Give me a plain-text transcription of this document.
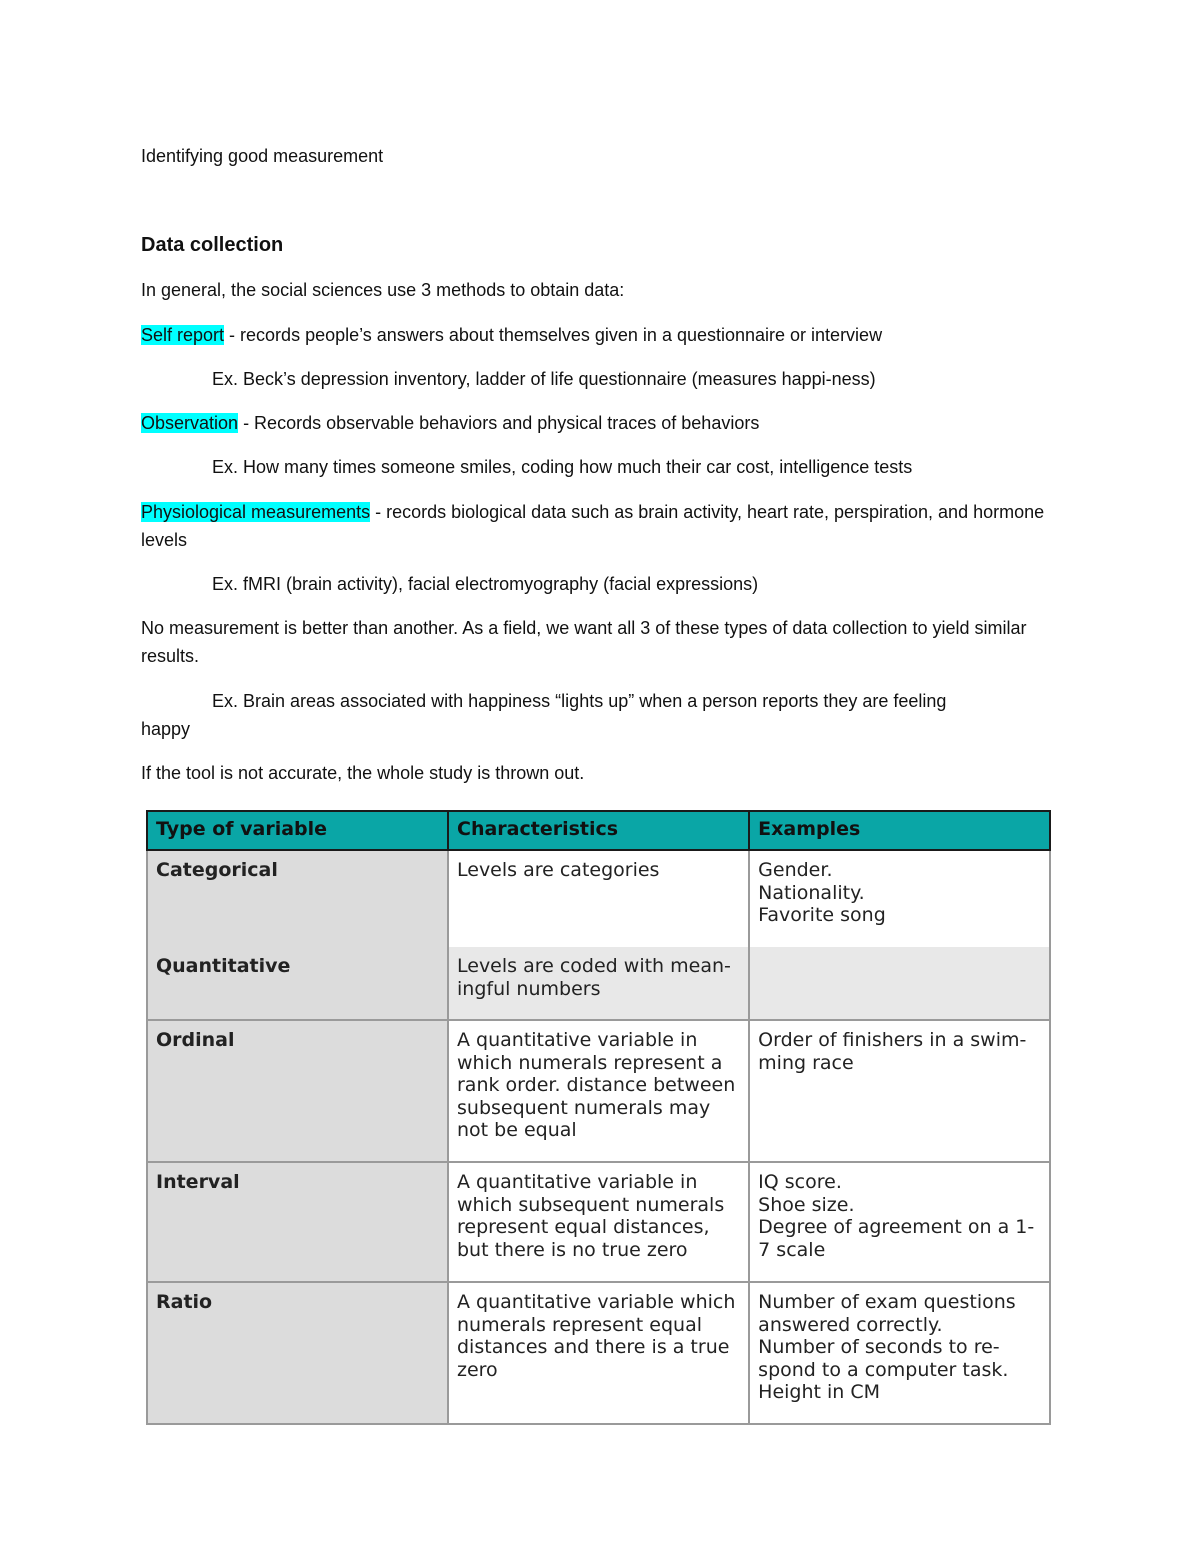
Identifying good measurement
Data collection
In general, the social sciences use 3 methods to obtain data:
Self report - records people’s answers about themselves given in a questionnaire or interview
Ex. Beck’s depression inventory, ladder of life questionnaire (measures happi-ness)
Observation - Records observable behaviors and physical traces of behaviors
Ex. How many times someone smiles, coding how much their car cost, intelligence tests
Physiological measurements - records biological data such as brain activity, heart rate, perspiration, and hormone levels
Ex. fMRI (brain activity), facial electromyography (facial expressions)
No measurement is better than another. As a field, we want all 3 of these types of data collection to yield similar results.
Ex. Brain areas associated with happiness “lights up” when a person reports they are feeling
happy
If the tool is not accurate, the whole study is thrown out.
Type of variable	Characteristics	Examples
Categorical	Levels are categories	Gender.
Nationality.
Favorite song

Quantitative	Levels are coded with mean-
ingful numbers	

Ordinal	A quantitative variable in
which numerals represent a
rank order. distance between
subsequent numerals may
not be equal	Order of finishers in a swim-
ming race

Interval	A quantitative variable in
which subsequent numerals
represent equal distances,
but there is no true zero	IQ score.
Shoe size.
Degree of agreement on a 1-
7 scale

Ratio	A quantitative variable which
numerals represent equal
distances and there is a true
zero	Number of exam questions
answered correctly.
Number of seconds to re-
spond to a computer task.
Height in CM
